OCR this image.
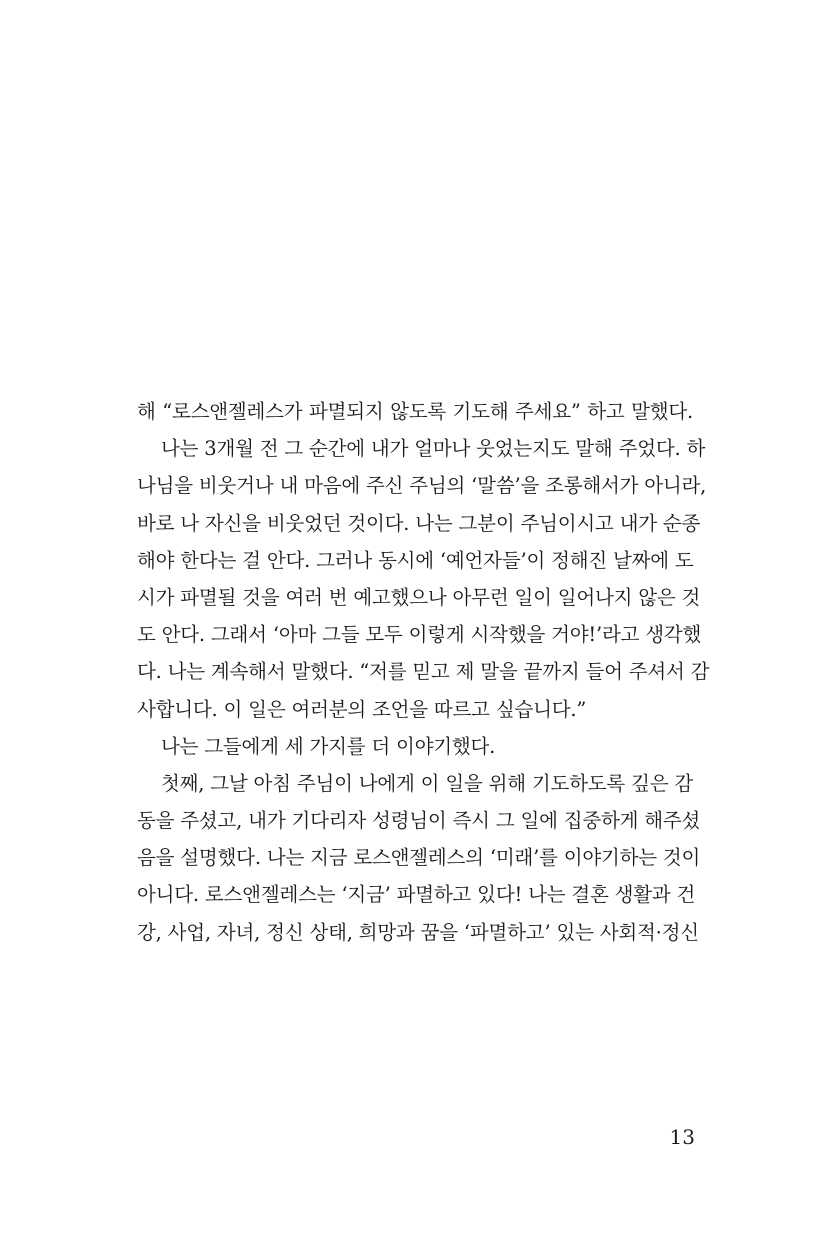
해 “로스앤젤레스가 파멸되지 않도록 기도해 주세요” 하고 말했다.
나는 3개월 전 그 순간에 내가 얼마나 웃었는지도 말해 주었다. 하
나님을 비웃거나 내 마음에 주신 주님의 ‘말씀’을 조롱해서가 아니라,
바로 나 자신을 비웃었던 것이다. 나는 그분이 주님이시고 내가 순종
해야 한다는 걸 안다. 그러나 동시에 ‘예언자들’이 정해진 날짜에 도
시가 파멸될 것을 여러 번 예고했으나 아무런 일이 일어나지 않은 것
도 안다. 그래서 ‘아마 그들 모두 이렇게 시작했을 거야!’라고 생각했
다. 나는 계속해서 말했다. “저를 믿고 제 말을 끝까지 들어 주셔서 감
사합니다. 이 일은 여러분의 조언을 따르고 싶습니다.”
나는 그들에게 세 가지를 더 이야기했다.
첫째, 그날 아침 주님이 나에게 이 일을 위해 기도하도록 깊은 감
동을 주셨고, 내가 기다리자 성령님이 즉시 그 일에 집중하게 해주셨
음을 설명했다. 나는 지금 로스앤젤레스의 ‘미래’를 이야기하는 것이
아니다. 로스앤젤레스는 ‘지금’ 파멸하고 있다! 나는 결혼 생활과 건
강, 사업, 자녀, 정신 상태, 희망과 꿈을 ‘파멸하고’ 있는 사회적·정신
13
